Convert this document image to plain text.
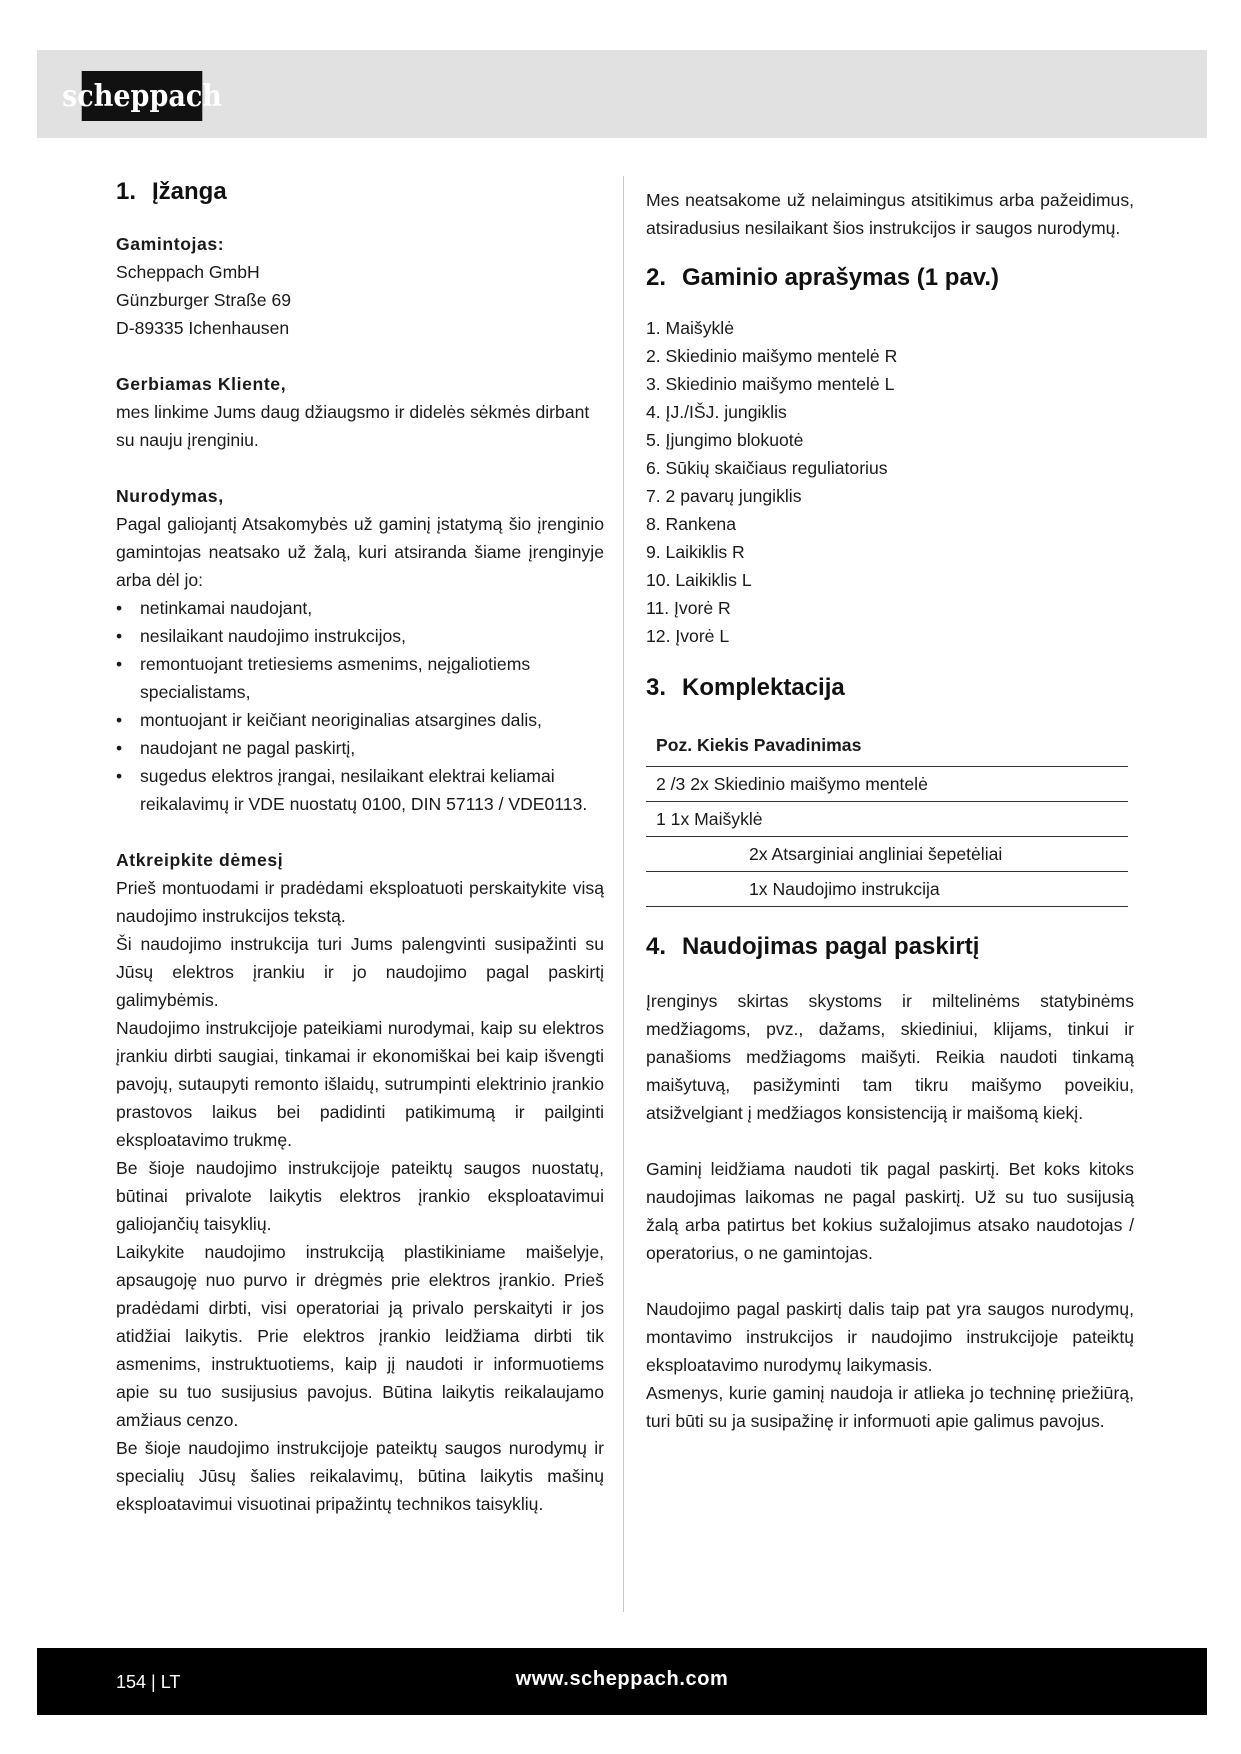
scheppach
1. Įžanga

Gamintojas:

Scheppach GmbH

Günzburger Straße 69

D-89335 Ichenhausen

Gerbiamas Kliente,

mes linkime Jums daug džiaugsmo ir didelės sėkmės dirbant su nauju įrenginiu.

Nurodymas,

Pagal galiojantį Atsakomybės už gaminį įstatymą šio įrenginio gamintojas neatsako už žalą, kuri atsiranda šiame įrenginyje arba dėl jo:

• netinkamai naudojant,
• nesilaikant naudojimo instrukcijos,
• remontuojant tretiesiems asmenims, neįgaliotiems specialistams,
• montuojant ir keičiant neoriginalias atsargines dalis,
• naudojant ne pagal paskirtį,
• sugedus elektros įrangai, nesilaikant elektrai keliamai reikalavimų ir VDE nuostatų 0100, DIN 57113 / VDE0113.

Atkreipkite dėmesį

Prieš montuodami ir pradėdami eksploatuoti perskaitykite visą naudojimo instrukcijos tekstą.

Ši naudojimo instrukcija turi Jums palengvinti susipažinti su Jūsų elektros įrankiu ir jo naudojimo pagal paskirtį galimybėmis.

Naudojimo instrukcijoje pateikiami nurodymai, kaip su elektros įrankiu dirbti saugiai, tinkamai ir ekonomiškai bei kaip išvengti pavojų, sutaupyti remonto išlaidų, sutrumpinti elektrinio įrankio prastovos laikus bei padidinti patikimumą ir pailginti eksploatavimo trukmę.

Be šioje naudojimo instrukcijoje pateiktų saugos nuostatų, būtinai privalote laikytis elektros įrankio eksploatavimui galiojančių taisyklių.

Laikykite naudojimo instrukciją plastikiniame maišelyje, apsaugoję nuo purvo ir drėgmės prie elektros įrankio. Prieš pradėdami dirbti, visi operatoriai ją privalo perskaityti ir jos atidžiai laikytis. Prie elektros įrankio leidžiama dirbti tik asmenims, instruktuotiems, kaip jį naudoti ir informuotiems apie su tuo susijusius pavojus. Būtina laikytis reikalaujamo amžiaus cenzo.

Be šioje naudojimo instrukcijoje pateiktų saugos nurodymų ir specialių Jūsų šalies reikalavimų, būtina laikytis mašinų eksploatavimui visuotinai pripažintų technikos taisyklių.

Mes neatsakome už nelaimingus atsitikimus arba pažeidimus, atsiradusius nesilaikant šios instrukcijos ir saugos nurodymų.

2. Gaminio aprašymas (1 pav.)
1. Maišyklė
2. Skiedinio maišymo mentelė R
3. Skiedinio maišymo mentelė L
4. ĮJ./IŠJ. jungiklis
5. Įjungimo blokuotė
6. Sūkių skaičiaus reguliatorius
7. 2 pavarų jungiklis
8. Rankena
9. Laikiklis R
10. Laikiklis L
11. Įvorė R
12. Įvorė L
3. Komplektacija
Poz. Kiekis Pavadinimas
2 /3 2x Skiedinio maišymo mentelė
1 1x Maišyklė
2x Atsarginiai angliniai šepetėliai
1x Naudojimo instrukcija
4. Naudojimas pagal paskirtį

Įrenginys skirtas skystoms ir miltelinėms statybinėms medžiagoms, pvz., dažams, skiediniui, klijams, tinkui ir panašioms medžiagoms maišyti. Reikia naudoti tinkamą maišytuvą, pasižyminti tam tikru maišymo poveikiu, atsižvelgiant į medžiagos konsistenciją ir maišomą kiekį.

Gaminį leidžiama naudoti tik pagal paskirtį. Bet koks kitoks naudojimas laikomas ne pagal paskirtį. Už su tuo susijusią žalą arba patirtus bet kokius sužalojimus atsako naudotojas / operatorius, o ne gamintojas.

Naudojimo pagal paskirtį dalis taip pat yra saugos nurodymų, montavimo instrukcijos ir naudojimo instrukcijoje pateiktų eksploatavimo nurodymų laikymasis.

Asmenys, kurie gaminį naudoja ir atlieka jo techninę priežiūrą, turi būti su ja susipažinę ir informuoti apie galimus pavojus.

154 | LT	www.scheppach.com
